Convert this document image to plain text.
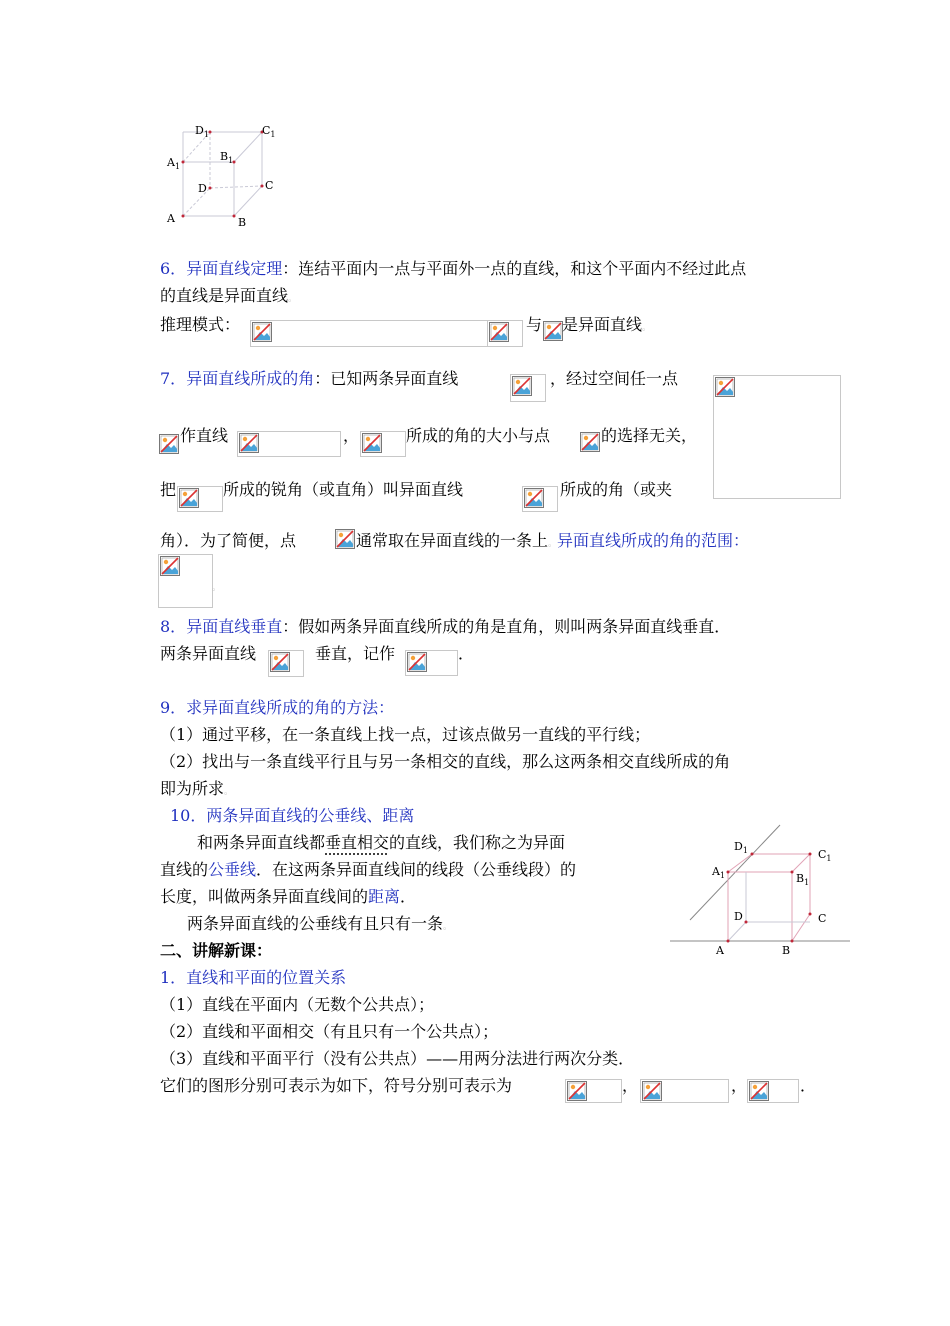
$D_1$	$C_1$
$A_1$
$B_1$
D	C
A	B
6．异面直线定理：连结平面内一点与平面外一点的直线，和这个平面内不经过此点
的直线是异面直线。
推理模式：	与 是异面直线。
7．异面直线所成的角：已知两条异面直线	，经过空间任一点
作直线	，	所成的角的大小与点	的选择无关，
把	所成的锐角（或直角）叫异面直线	所成的角（或夹
角）．为了简便，点	通常取在异面直线的一条上。异面直线所成的角的范围：
。
8．异面直线垂直：假如两条异面直线所成的角是直角，则叫两条异面直线垂直．
两条异面直线	垂直，记作	．
9．求异面直线所成的角的方法：
（1）通过平移，在一条直线上找一点，过该点做另一直线的平行线；
（2）找出与一条直线平行且与另一条相交的直线，那么这两条相交直线所成的角
即为所求。
10．两条异面直线的公垂线、距离
和两条异面直线都垂直相交的直线，我们称之为异面
直线的公垂线．在这两条异面直线间的线段（公垂线段）的
长度，叫做两条异面直线间的距离．
两条异面直线的公垂线有且只有一条。
$D_1$	$C_1$
$A_1$	$B_1$
D	C
A	B
二、讲解新课：
1．直线和平面的位置关系
（1）直线在平面内（无数个公共点）；
（2）直线和平面相交（有且只有一个公共点）；
（3）直线和平面平行（没有公共点）——用两分法进行两次分类．
它们的图形分别可表示为如下，符号分别可表示为	，	，	．
